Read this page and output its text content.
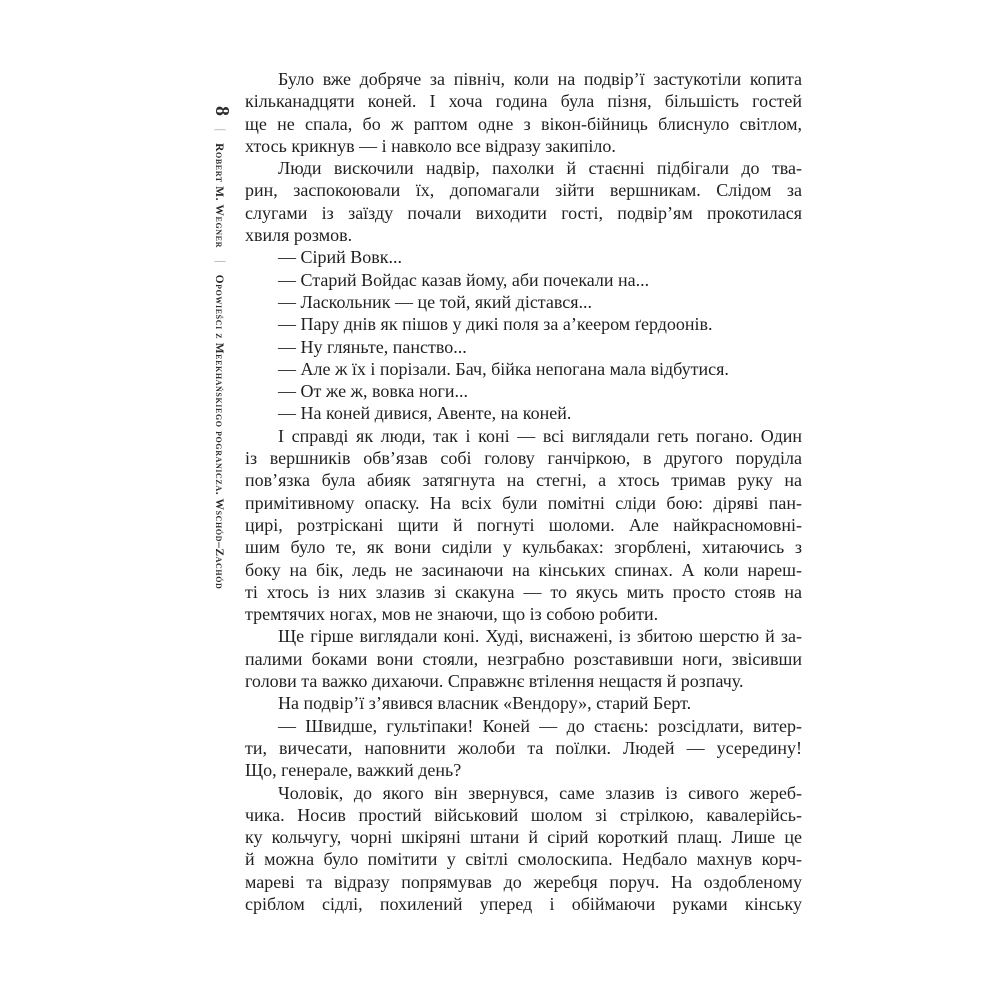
8 | Robert M. Wegner | Opowieści z Meekhańskiego pogranicza. Wschód–Zachód
Було вже добряче за північ, коли на подвір’ї застукотіли копита
кільканадцяти коней. І хоча година була пізня, більшість гостей
ще не спала, бо ж раптом одне з вікон-бійниць блиснуло світлом,
хтось крикнув — і навколо все відразу закипіло.
Люди вискочили надвір, пахолки й стаєнні підбігали до тва-
рин, заспокоювали їх, допомагали зійти вершникам. Слідом за
слугами із заїзду почали виходити гості, подвір’ям прокотилася
хвиля розмов.
— Сірий Вовк...
— Старий Войдас казав йому, аби почекали на...
— Ласкольник — це той, який дістався...
— Пару днів як пішов у дикі поля за а’кеером ґердоонів.
— Ну гляньте, панство...
— Але ж їх і порізали. Бач, бійка непогана мала відбутися.
— От же ж, вовка ноги...
— На коней дивися, Авенте, на коней.
І справді як люди, так і коні — всі виглядали геть погано. Один
із вершників обв’язав собі голову ганчіркою, в другого поруділа
пов’язка була абияк затягнута на стегні, а хтось тримав руку на
примітивному опаску. На всіх були помітні сліди бою: діряві пан-
цирі, розтріскані щити й погнуті шоломи. Але найкрасномовні-
шим було те, як вони сиділи у кульбаках: згорблені, хитаючись з
боку на бік, ледь не засинаючи на кінських спинах. А коли нареш-
ті хтось із них злазив зі скакуна — то якусь мить просто стояв на
тремтячих ногах, мов не знаючи, що із собою робити.
Ще гірше виглядали коні. Худі, виснажені, із збитою шерстю й за-
палими боками вони стояли, незграбно розставивши ноги, звісивши
голови та важко дихаючи. Справжнє втілення нещастя й розпачу.
На подвір’ї з’явився власник «Вендору», старий Берт.
— Швидше, гультіпаки! Коней — до стаєнь: розсідлати, витер-
ти, вичесати, наповнити жолоби та поїлки. Людей — усередину!
Що, генерале, важкий день?
Чоловік, до якого він звернувся, саме злазив із сивого жереб-
чика. Носив простий військовий шолом зі стрілкою, кавалерійсь-
ку кольчугу, чорні шкіряні штани й сірий короткий плащ. Лише це
й можна було помітити у світлі смолоскипа. Недбало махнув корч-
мареві та відразу попрямував до жеребця поруч. На оздобленому
сріблом сідлі, похилений уперед і обіймаючи руками кінську
